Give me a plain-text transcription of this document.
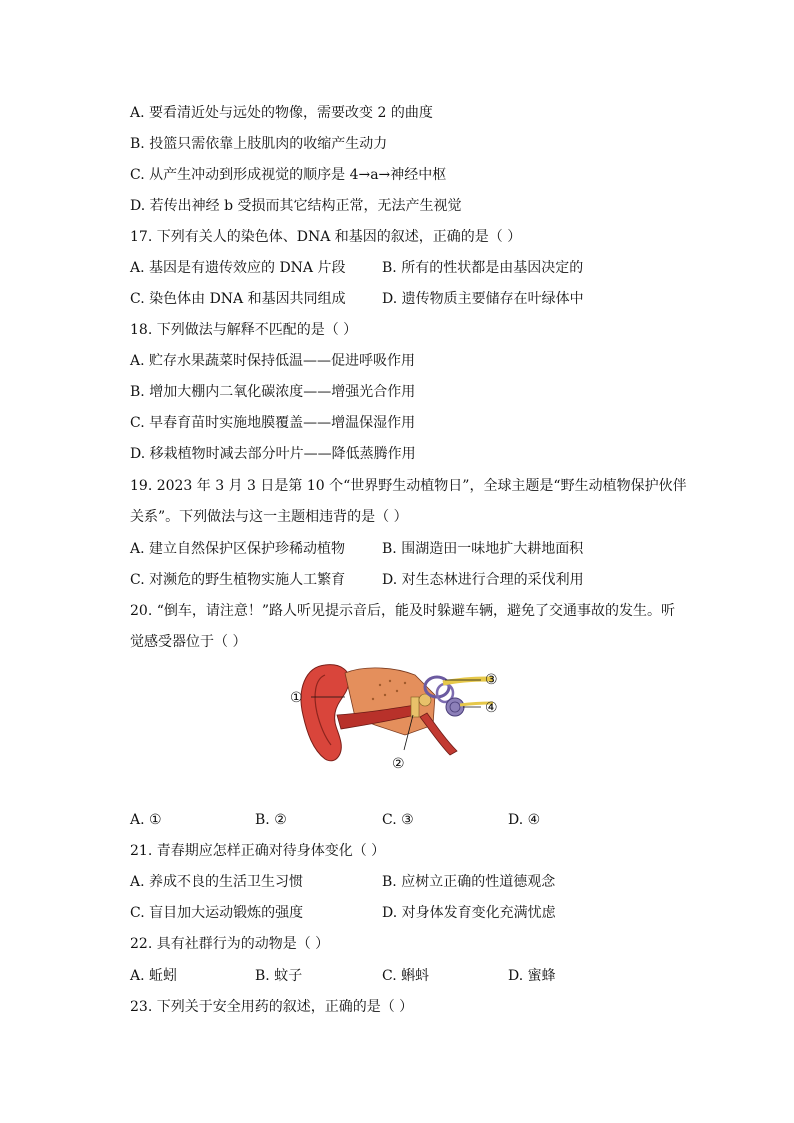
A. 要看清近处与远处的物像，需要改变 2 的曲度
B. 投篮只需依靠上肢肌肉的收缩产生动力
C. 从产生冲动到形成视觉的顺序是 4→a→神经中枢
D. 若传出神经 b 受损而其它结构正常，无法产生视觉
17. 下列有关人的染色体、DNA 和基因的叙述，正确的是（ ）
A. 基因是有遗传效应的 DNA 片段	B. 所有的性状都是由基因决定的
C. 染色体由 DNA 和基因共同组成	D. 遗传物质主要储存在叶绿体中
18. 下列做法与解释不匹配的是（ ）
A. 贮存水果蔬菜时保持低温——促进呼吸作用
B. 增加大棚内二氧化碳浓度——增强光合作用
C. 早春育苗时实施地膜覆盖——增温保湿作用
D. 移栽植物时减去部分叶片——降低蒸腾作用
19. 2023 年 3 月 3 日是第 10 个“世界野生动植物日”，全球主题是“野生动植物保护伙伴
关系”。下列做法与这一主题相违背的是（ ）
A. 建立自然保护区保护珍稀动植物	B. 围湖造田一味地扩大耕地面积
C. 对濒危的野生植物实施人工繁育	D. 对生态林进行合理的采伐利用
20. “倒车，请注意！”路人听见提示音后，能及时躲避车辆，避免了交通事故的发生。听
觉感受器位于（ ）
①
②
③
④
A. ①	B. ②	C. ③	D. ④
21. 青春期应怎样正确对待身体变化（ ）
A. 养成不良的生活卫生习惯	B. 应树立正确的性道德观念
C. 盲目加大运动锻炼的强度	D. 对身体发育变化充满忧虑
22. 具有社群行为的动物是（ ）
A. 蚯蚓	B. 蚊子	C. 蝌蚪	D. 蜜蜂
23. 下列关于安全用药的叙述，正确的是（ ）
